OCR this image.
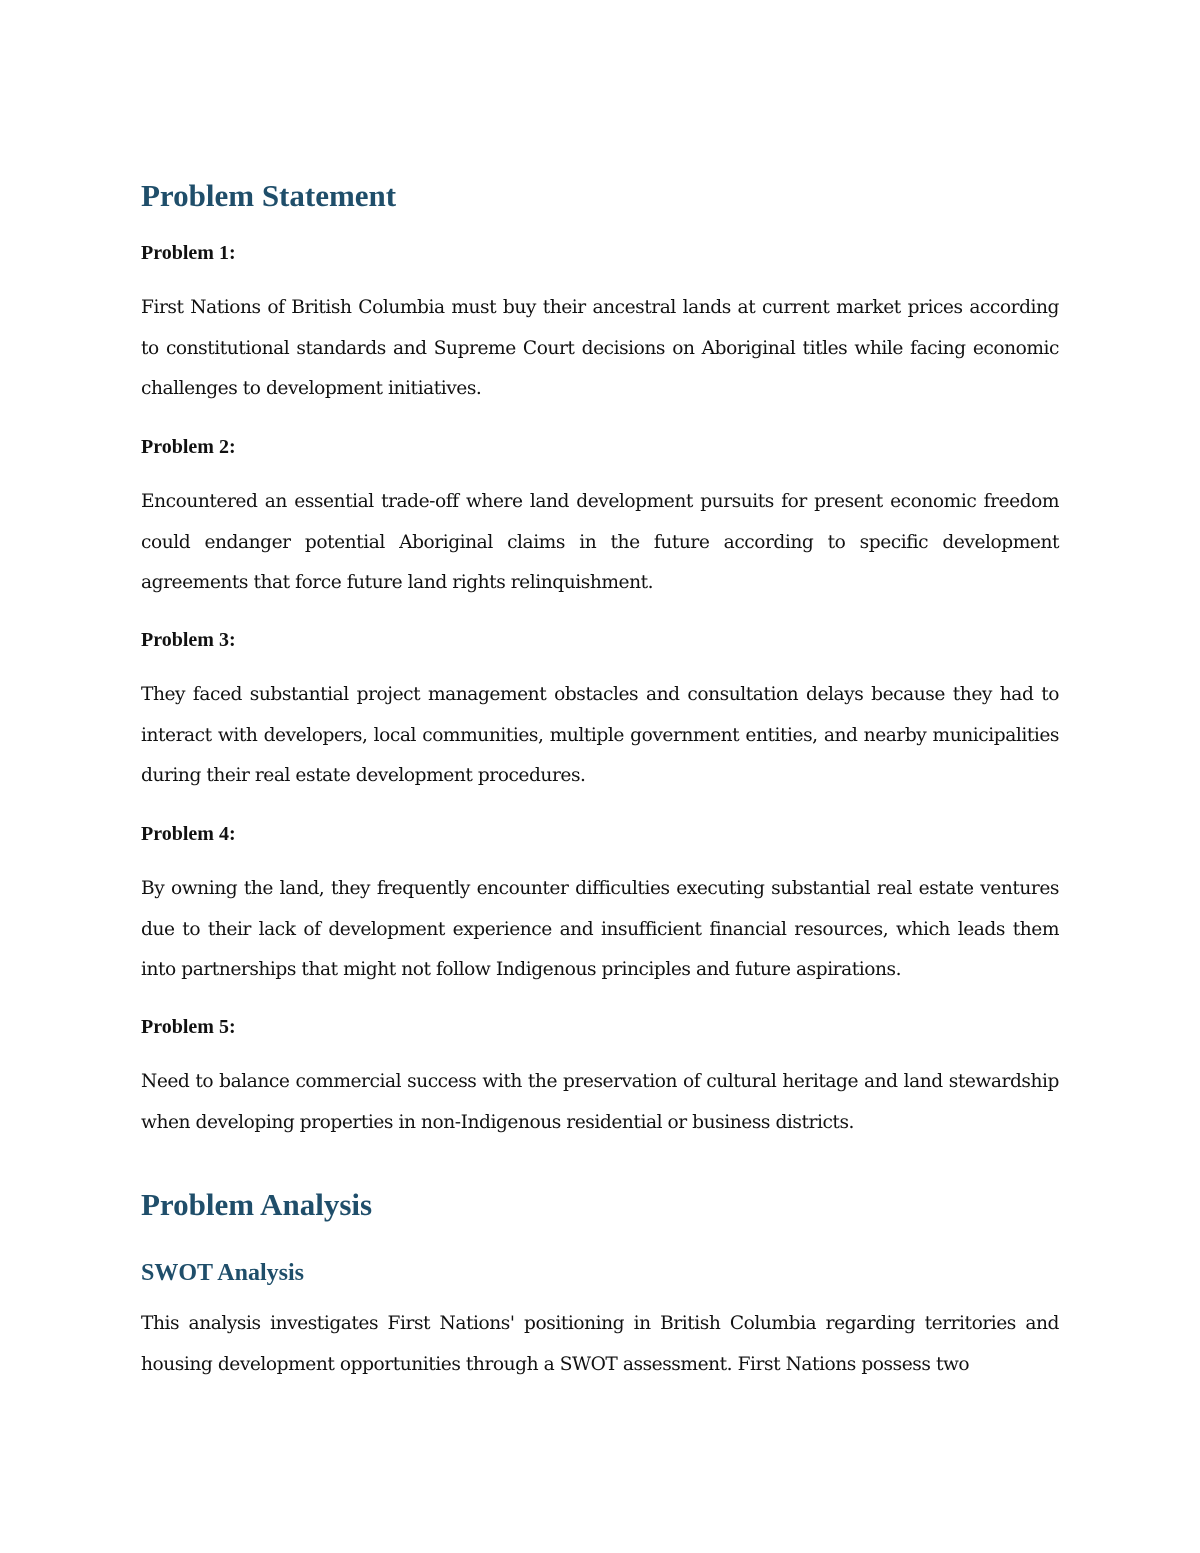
Problem Statement
Problem 1:

First Nations of British Columbia must buy their ancestral lands at current market prices according to constitutional standards and Supreme Court decisions on Aboriginal titles while facing economic challenges to development initiatives.

Problem 2:

Encountered an essential trade-off where land development pursuits for present economic freedom could endanger potential Aboriginal claims in the future according to specific development agreements that force future land rights relinquishment.

Problem 3:

They faced substantial project management obstacles and consultation delays because they had to interact with developers, local communities, multiple government entities, and nearby municipalities during their real estate development procedures.

Problem 4:

By owning the land, they frequently encounter difficulties executing substantial real estate ventures due to their lack of development experience and insufficient financial resources, which leads them into partnerships that might not follow Indigenous principles and future aspirations.

Problem 5:

Need to balance commercial success with the preservation of cultural heritage and land stewardship when developing properties in non-Indigenous residential or business districts.

Problem Analysis
SWOT Analysis

This analysis investigates First Nations' positioning in British Columbia regarding territories and housing development opportunities through a SWOT assessment. First Nations possess two
